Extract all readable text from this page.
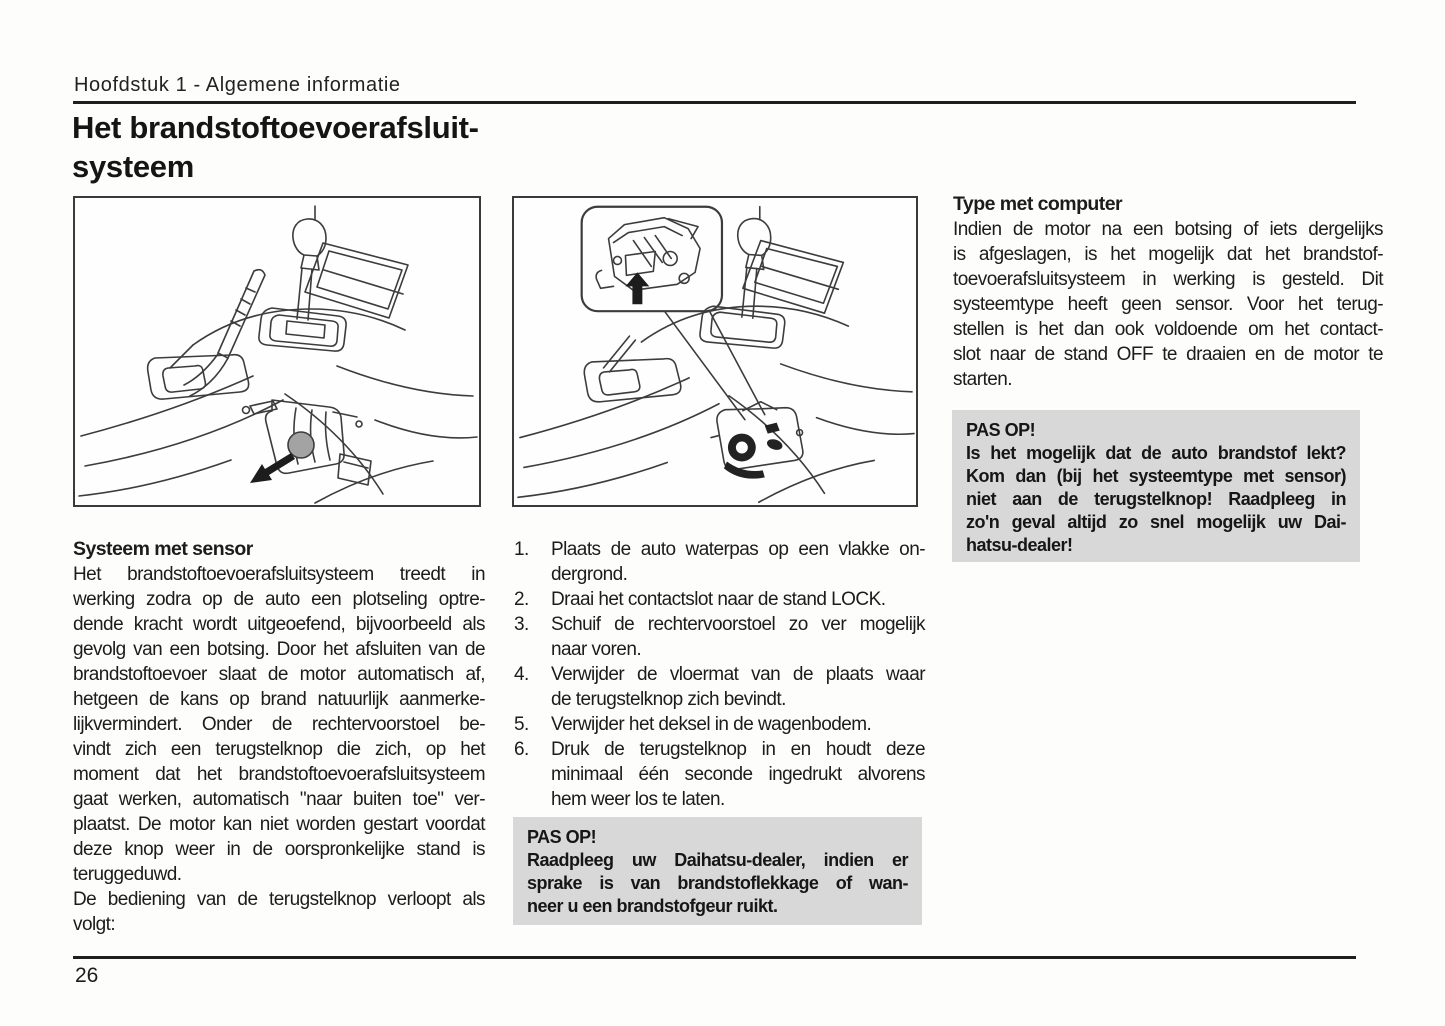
Hoofdstuk 1 - Algemene informatie
Het brandstoftoevoerafsluit-
systeem
Type met computer
Indien de motor na een botsing of iets dergelijks
is afgeslagen, is het mogelijk dat het brandstof-
toevoerafsluitsysteem in werking is gesteld. Dit
systeemtype heeft geen sensor. Voor het terug-
stellen is het dan ook voldoende om het contact-
slot naar de stand OFF te draaien en de motor te
starten.
PAS OP!
Is het mogelijk dat de auto brandstof lekt?
Kom dan (bij het systeemtype met sensor)
niet aan de terugstelknop! Raadpleeg in
zo'n geval altijd zo snel mogelijk uw Dai-
hatsu-dealer!
Systeem met sensor
Het brandstoftoevoerafsluitsysteem treedt in
werking zodra op de auto een plotseling optre-
dende kracht wordt uitgeoefend, bijvoorbeeld als
gevolg van een botsing. Door het afsluiten van de
brandstoftoevoer slaat de motor automatisch af,
hetgeen de kans op brand natuurlijk aanmerke-
lijkvermindert. Onder de rechtervoorstoel be-
vindt zich een terugstelknop die zich, op het
moment dat het brandstoftoevoerafsluitsysteem
gaat werken, automatisch "naar buiten toe" ver-
plaatst. De motor kan niet worden gestart voordat
deze knop weer in de oorspronkelijke stand is
teruggeduwd.
De bediening van de terugstelknop verloopt als
volgt:
1. Plaats de auto waterpas op een vlakke on-
dergrond.
2. Draai het contactslot naar de stand LOCK.
3. Schuif de rechtervoorstoel zo ver mogelijk
naar voren.
4. Verwijder de vloermat van de plaats waar
de terugstelknop zich bevindt.
5. Verwijder het deksel in de wagenbodem.
6. Druk de terugstelknop in en houdt deze
minimaal één seconde ingedrukt alvorens
hem weer los te laten.
PAS OP!
Raadpleeg uw Daihatsu-dealer, indien er
sprake is van brandstoflekkage of wan-
neer u een brandstofgeur ruikt.
26
